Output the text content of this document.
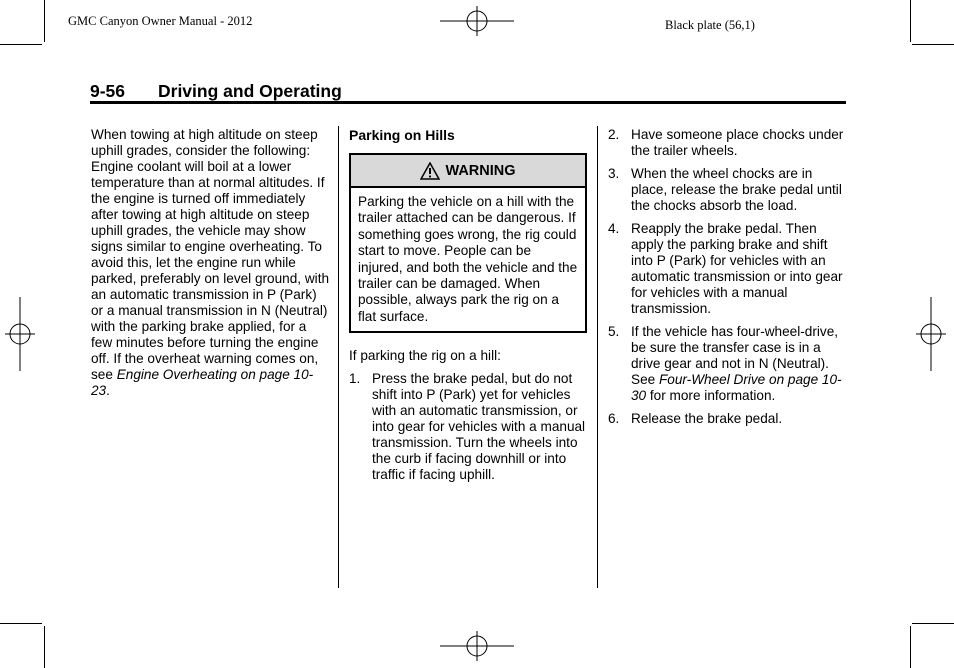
GMC Canyon Owner Manual - 2012	Black plate (56,1)
9-56 Driving and Operating

When towing at high altitude on steep uphill grades, consider the following: Engine coolant will boil at a lower temperature than at normal altitudes. If the engine is turned off immediately after towing at high altitude on steep uphill grades, the vehicle may show signs similar to engine overheating. To avoid this, let the engine run while parked, preferably on level ground, with an automatic transmission in P (Park) or a manual transmission in N (Neutral) with the parking brake applied, for a few minutes before turning the engine off. If the overheat warning comes on, see Engine Overheating on page 10-23.

Parking on Hills
WARNING
Parking the vehicle on a hill with the trailer attached can be dangerous. If something goes wrong, the rig could start to move. People can be injured, and both the vehicle and the trailer can be damaged. When possible, always park the rig on a flat surface.

If parking the rig on a hill:

1. Press the brake pedal, but do not shift into P (Park) yet for vehicles with an automatic transmission, or into gear for vehicles with a manual transmission. Turn the wheels into the curb if facing downhill or into traffic if facing uphill.
2. Have someone place chocks under the trailer wheels.
3. When the wheel chocks are in place, release the brake pedal until the chocks absorb the load.
4. Reapply the brake pedal. Then apply the parking brake and shift into P (Park) for vehicles with an automatic transmission or into gear for vehicles with a manual transmission.
5. If the vehicle has four-wheel-drive, be sure the transfer case is in a drive gear and not in N (Neutral). See Four-Wheel Drive on page 10-30 for more information.
6. Release the brake pedal.
